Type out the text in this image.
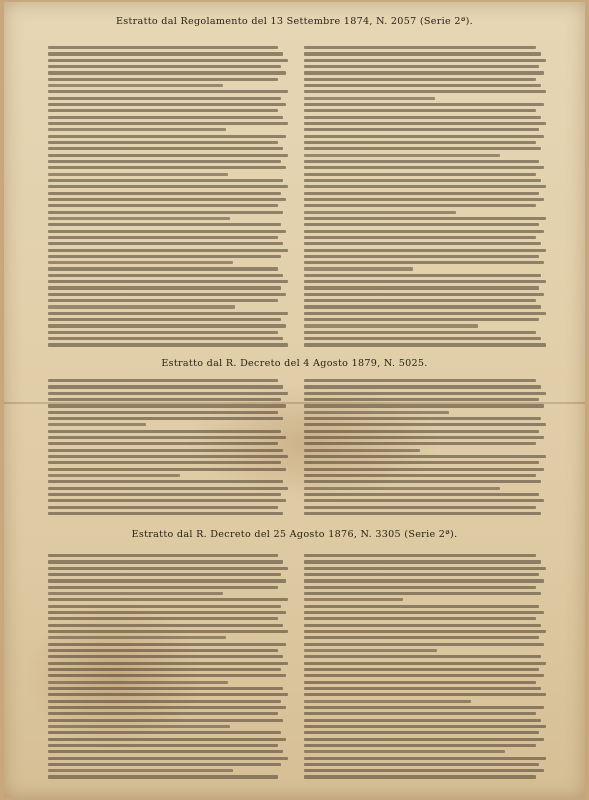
Estratto dal Regolamento del 13 Settembre 1874, N. 2057 (Serie 2ª).
Estratto dal R. Decreto del 4 Agosto 1879, N. 5025.
Estratto dal R. Decreto del 25 Agosto 1876, N. 3305 (Serie 2ª).
